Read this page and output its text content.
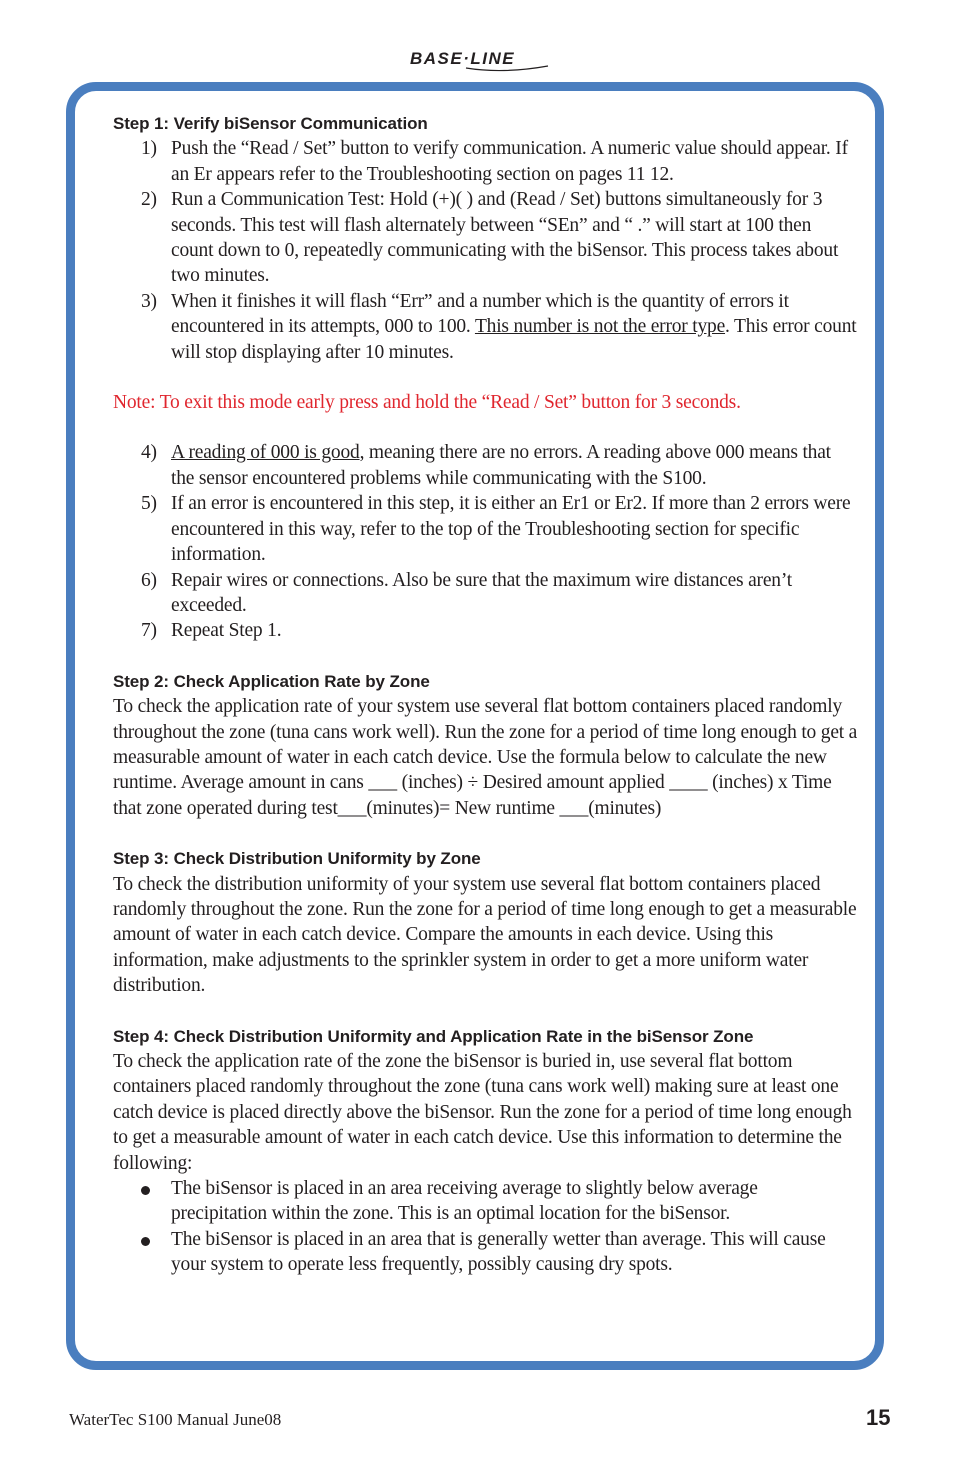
BASE·LINE
Step 1: Verify biSensor Communication
1) Push the “Read / Set” button to verify communication. A numeric value should appear. If an Er appears refer to the Troubleshooting section on pages 11 12.
2) Run a Communication Test: Hold (+)( ) and (Read / Set) buttons simultaneously for 3 seconds. This test will flash alternately between “SEn” and “ .” will start at 100 then count down to 0, repeatedly communicating with the biSensor. This process takes about two minutes.
3) When it finishes it will flash “Err” and a number which is the quantity of errors it encountered in its attempts, 000 to 100. This number is not the error type. This error count will stop displaying after 10 minutes.
Note: To exit this mode early press and hold the “Read / Set” button for 3 seconds.
4) A reading of 000 is good, meaning there are no errors. A reading above 000 means that the sensor encountered problems while communicating with the S100.
5) If an error is encountered in this step, it is either an Er1 or Er2. If more than 2 errors were encountered in this way, refer to the top of the Troubleshooting section for specific information.
6) Repair wires or connections. Also be sure that the maximum wire distances aren’t exceeded.
7) Repeat Step 1.
Step 2: Check Application Rate by Zone
To check the application rate of your system use several flat bottom containers placed randomly throughout the zone (tuna cans work well). Run the zone for a period of time long enough to get a measurable amount of water in each catch device. Use the formula below to calculate the new runtime. Average amount in cans ___ (inches) ÷ Desired amount applied ____ (inches) x Time that zone operated during test___(minutes)= New runtime ___(minutes)
Step 3: Check Distribution Uniformity by Zone
To check the distribution uniformity of your system use several flat bottom containers placed randomly throughout the zone. Run the zone for a period of time long enough to get a measurable amount of water in each catch device. Compare the amounts in each device. Using this information, make adjustments to the sprinkler system in order to get a more uniform water distribution.
Step 4: Check Distribution Uniformity and Application Rate in the biSensor Zone
To check the application rate of the zone the biSensor is buried in, use several flat bottom containers placed randomly throughout the zone (tuna cans work well) making sure at least one catch device is placed directly above the biSensor. Run the zone for a period of time long enough to get a measurable amount of water in each catch device. Use this information to determine the following:
The biSensor is placed in an area receiving average to slightly below average precipitation within the zone. This is an optimal location for the biSensor.
The biSensor is placed in an area that is generally wetter than average. This will cause your system to operate less frequently, possibly causing dry spots.
WaterTec S100 Manual June08	15
